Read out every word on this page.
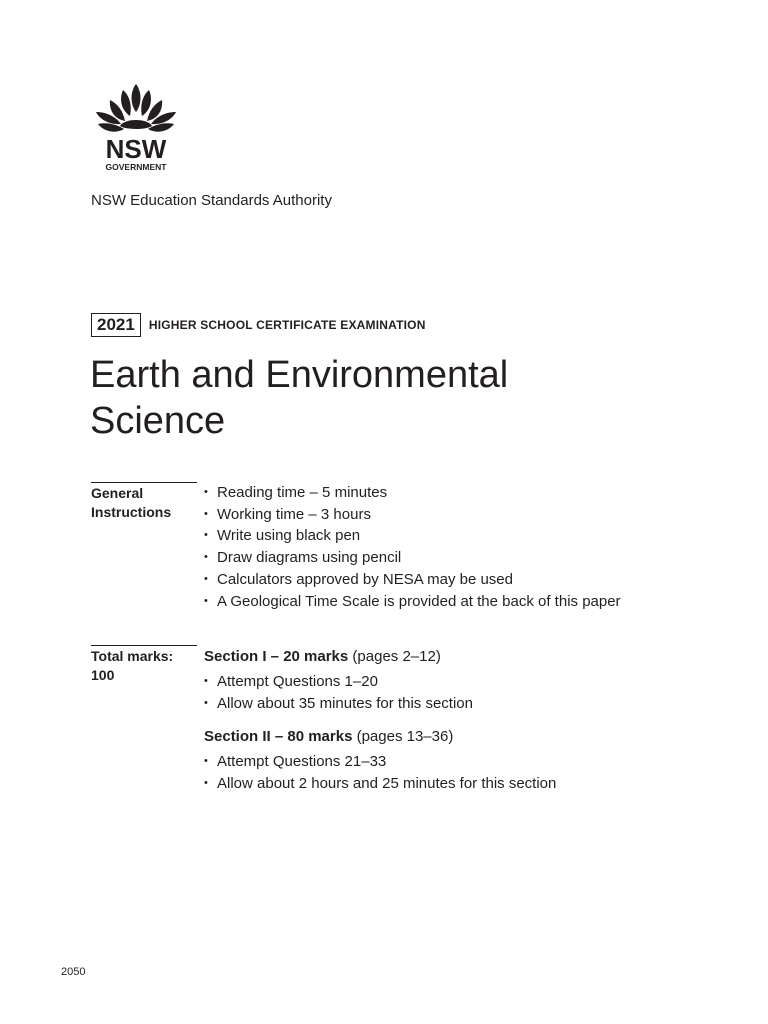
NSW
GOVERNMENT
NSW Education Standards Authority
2021	HIGHER SCHOOL CERTIFICATE EXAMINATION
Earth and Environmental
Science
General
Instructions
• Reading time – 5 minutes
• Working time – 3 hours
• Write using black pen
• Draw diagrams using pencil
• Calculators approved by NESA may be used
• A Geological Time Scale is provided at the back of this paper
Total marks:
100
Section I – 20 marks (pages 2–12)
• Attempt Questions 1–20
• Allow about 35 minutes for this section
Section II – 80 marks (pages 13–36)
• Attempt Questions 21–33
• Allow about 2 hours and 25 minutes for this section
2050
